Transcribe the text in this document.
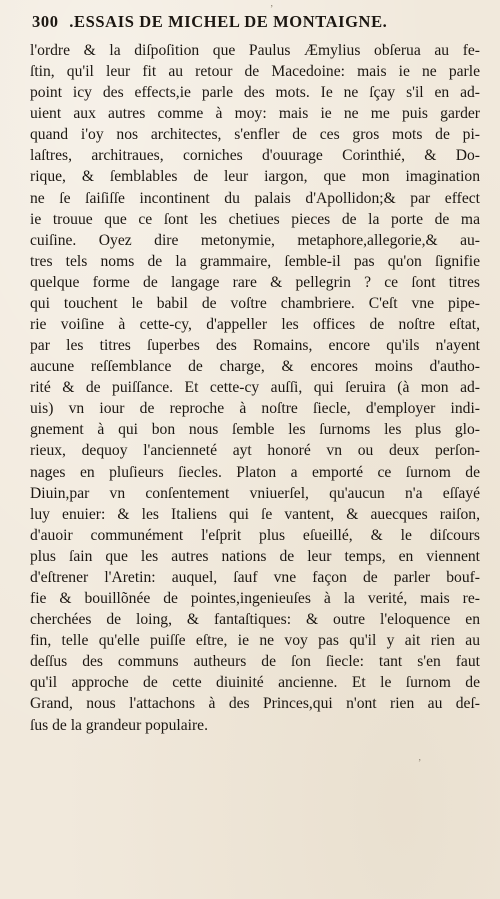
300 .ESSAIS DE MICHEL DE MONTAIGNE.
l'ordre & la diſpoſition que Paulus Æmylius obſerua au fe-
ſtin, qu'il leur fit au retour de Macedoine: mais ie ne parle
point icy des effects,ie parle des mots. Ie ne ſçay s'il en ad-
uient aux autres comme à moy: mais ie ne me puis garder
quand i'oy nos architectes, s'enfler de ces gros mots de pi-
laſtres, architraues, corniches d'ouurage Corinthié, & Do-
rique, & ſemblables de leur iargon, que mon imagination
ne ſe ſaiſiſſe incontinent du palais d'Apollidon;& par effect
ie trouue que ce ſont les chetiues pieces de la porte de ma
cuiſine. Oyez dire metonymie, metaphore,allegorie,& au-
tres tels noms de la grammaire, ſemble-il pas qu'on ſignifie
quelque forme de langage rare & pellegrin ? ce ſont titres
qui touchent le babil de voſtre chambriere. C'eſt vne pipe-
rie voiſine à cette-cy, d'appeller les offices de noſtre eſtat,
par les titres ſuperbes des Romains, encore qu'ils n'ayent
aucune reſſemblance de charge, & encores moins d'autho-
rité & de puiſſance. Et cette-cy auſſi, qui ſeruira (à mon ad-
uis) vn iour de reproche à noſtre ſiecle, d'employer indi-
gnement à qui bon nous ſemble les ſurnoms les plus glo-
rieux, dequoy l'ancienneté ayt honoré vn ou deux perſon-
nages en pluſieurs ſiecles. Platon a emporté ce ſurnom de
Diuin,par vn conſentement vniuerſel, qu'aucun n'a eſſayé
luy enuier: & les Italiens qui ſe vantent, & auecques raiſon,
d'auoir communément l'eſprit plus eſueillé, & le diſcours
plus ſain que les autres nations de leur temps, en viennent
d'eſtrener l'Aretin: auquel, ſauf vne façon de parler bouf-
fie & bouillõnée de pointes,ingenieuſes à la verité, mais re-
cherchées de loing, & fantaſtiques: & outre l'eloquence en
fin, telle qu'elle puiſſe eſtre, ie ne voy pas qu'il y ait rien au
deſſus des communs autheurs de ſon ſiecle: tant s'en faut
qu'il approche de cette diuinité ancienne. Et le ſurnom de
Grand, nous l'attachons à des Princes,qui n'ont rien au deſ-
ſus de la grandeur populaire.
ʼ
ʼ
